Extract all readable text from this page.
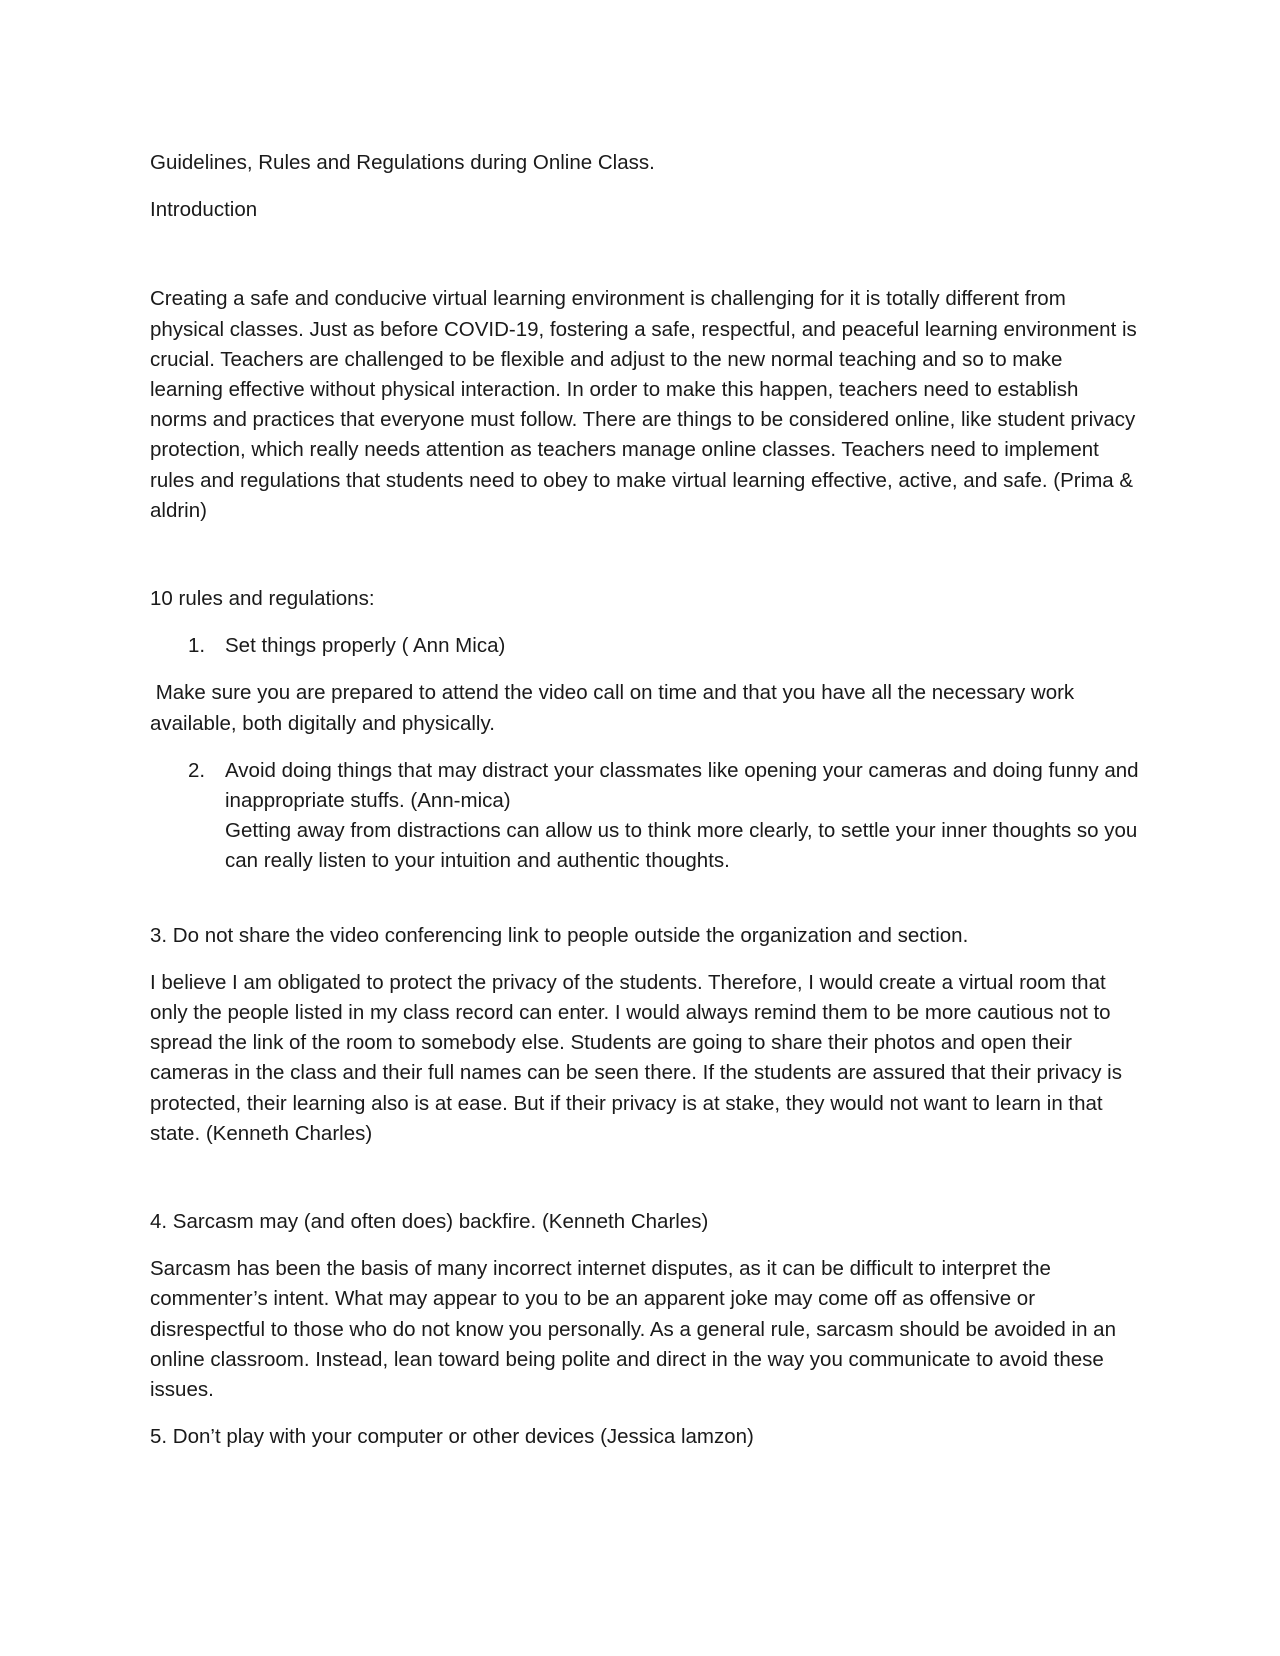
Guidelines, Rules and Regulations during Online Class.

Introduction

Creating a safe and conducive virtual learning environment is challenging for it is totally different from physical classes. Just as before COVID-19, fostering a safe, respectful, and peaceful learning environment is crucial. Teachers are challenged to be flexible and adjust to the new normal teaching and so to make learning effective without physical interaction. In order to make this happen, teachers need to establish norms and practices that everyone must follow. There are things to be considered online, like student privacy protection, which really needs attention as teachers manage online classes. Teachers need to implement rules and regulations that students need to obey to make virtual learning effective, active, and safe. (Prima & aldrin)

10 rules and regulations:

1. Set things properly ( Ann Mica)

Make sure you are prepared to attend the video call on time and that you have all the necessary work available, both digitally and physically.

2. Avoid doing things that may distract your classmates like opening your cameras and doing funny and inappropriate stuffs. (Ann-mica)
Getting away from distractions can allow us to think more clearly, to settle your inner thoughts so you can really listen to your intuition and authentic thoughts.

3. Do not share the video conferencing link to people outside the organization and section.

I believe I am obligated to protect the privacy of the students. Therefore, I would create a virtual room that only the people listed in my class record can enter. I would always remind them to be more cautious not to spread the link of the room to somebody else. Students are going to share their photos and open their cameras in the class and their full names can be seen there. If the students are assured that their privacy is protected, their learning also is at ease. But if their privacy is at stake, they would not want to learn in that state. (Kenneth Charles)

4. Sarcasm may (and often does) backfire. (Kenneth Charles)

Sarcasm has been the basis of many incorrect internet disputes, as it can be difficult to interpret the commenter’s intent. What may appear to you to be an apparent joke may come off as offensive or disrespectful to those who do not know you personally. As a general rule, sarcasm should be avoided in an online classroom. Instead, lean toward being polite and direct in the way you communicate to avoid these issues.

5. Don’t play with your computer or other devices (Jessica lamzon)
